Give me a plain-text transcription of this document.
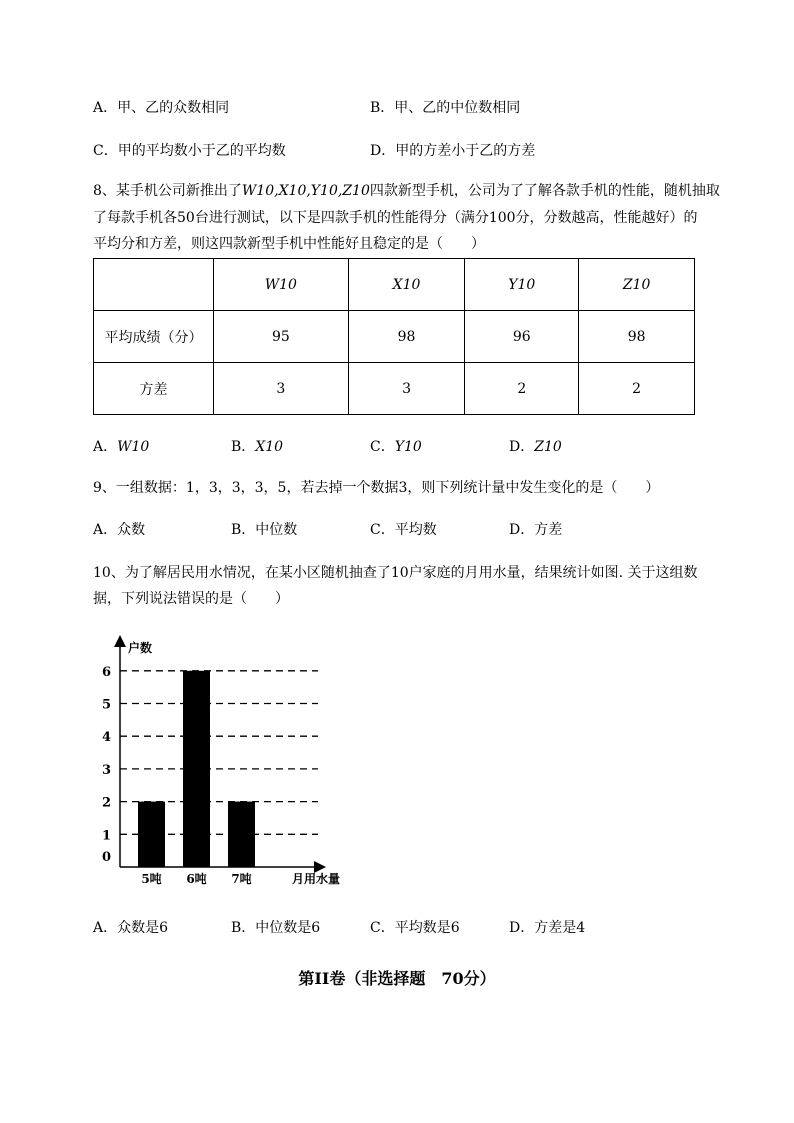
A．甲、乙的众数相同	B．甲、乙的中位数相同
C．甲的平均数小于乙的平均数	D．甲的方差小于乙的方差
8、某手机公司新推出了W10,X10,Y10,Z10四款新型手机，公司为了了解各款手机的性能，随机抽取
了每款手机各50台进行测试，以下是四款手机的性能得分（满分100分，分数越高，性能越好）的
平均分和方差，则这四款新型手机中性能好且稳定的是（　　）
	W10	X10	Y10	Z10
平均成绩（分）	95	98	96	98
方差	3	3	2	2
A．W10	B．X10	C．Y10	D．Z10
9、一组数据：1，3，3，3，5，若去掉一个数据3，则下列统计量中发生变化的是（　　）
A．众数	B．中位数	C．平均数	D．方差
10、为了解居民用水情况，在某小区随机抽查了10户家庭的月用水量，结果统计如图. 关于这组数
据，下列说法错误的是（　　）
0
1
2
3
4
5
6
5吨 6吨 7吨
户数
月用水量
A．众数是6	B．中位数是6	C．平均数是6	D．方差是4
第II卷（非选择题　70分）
